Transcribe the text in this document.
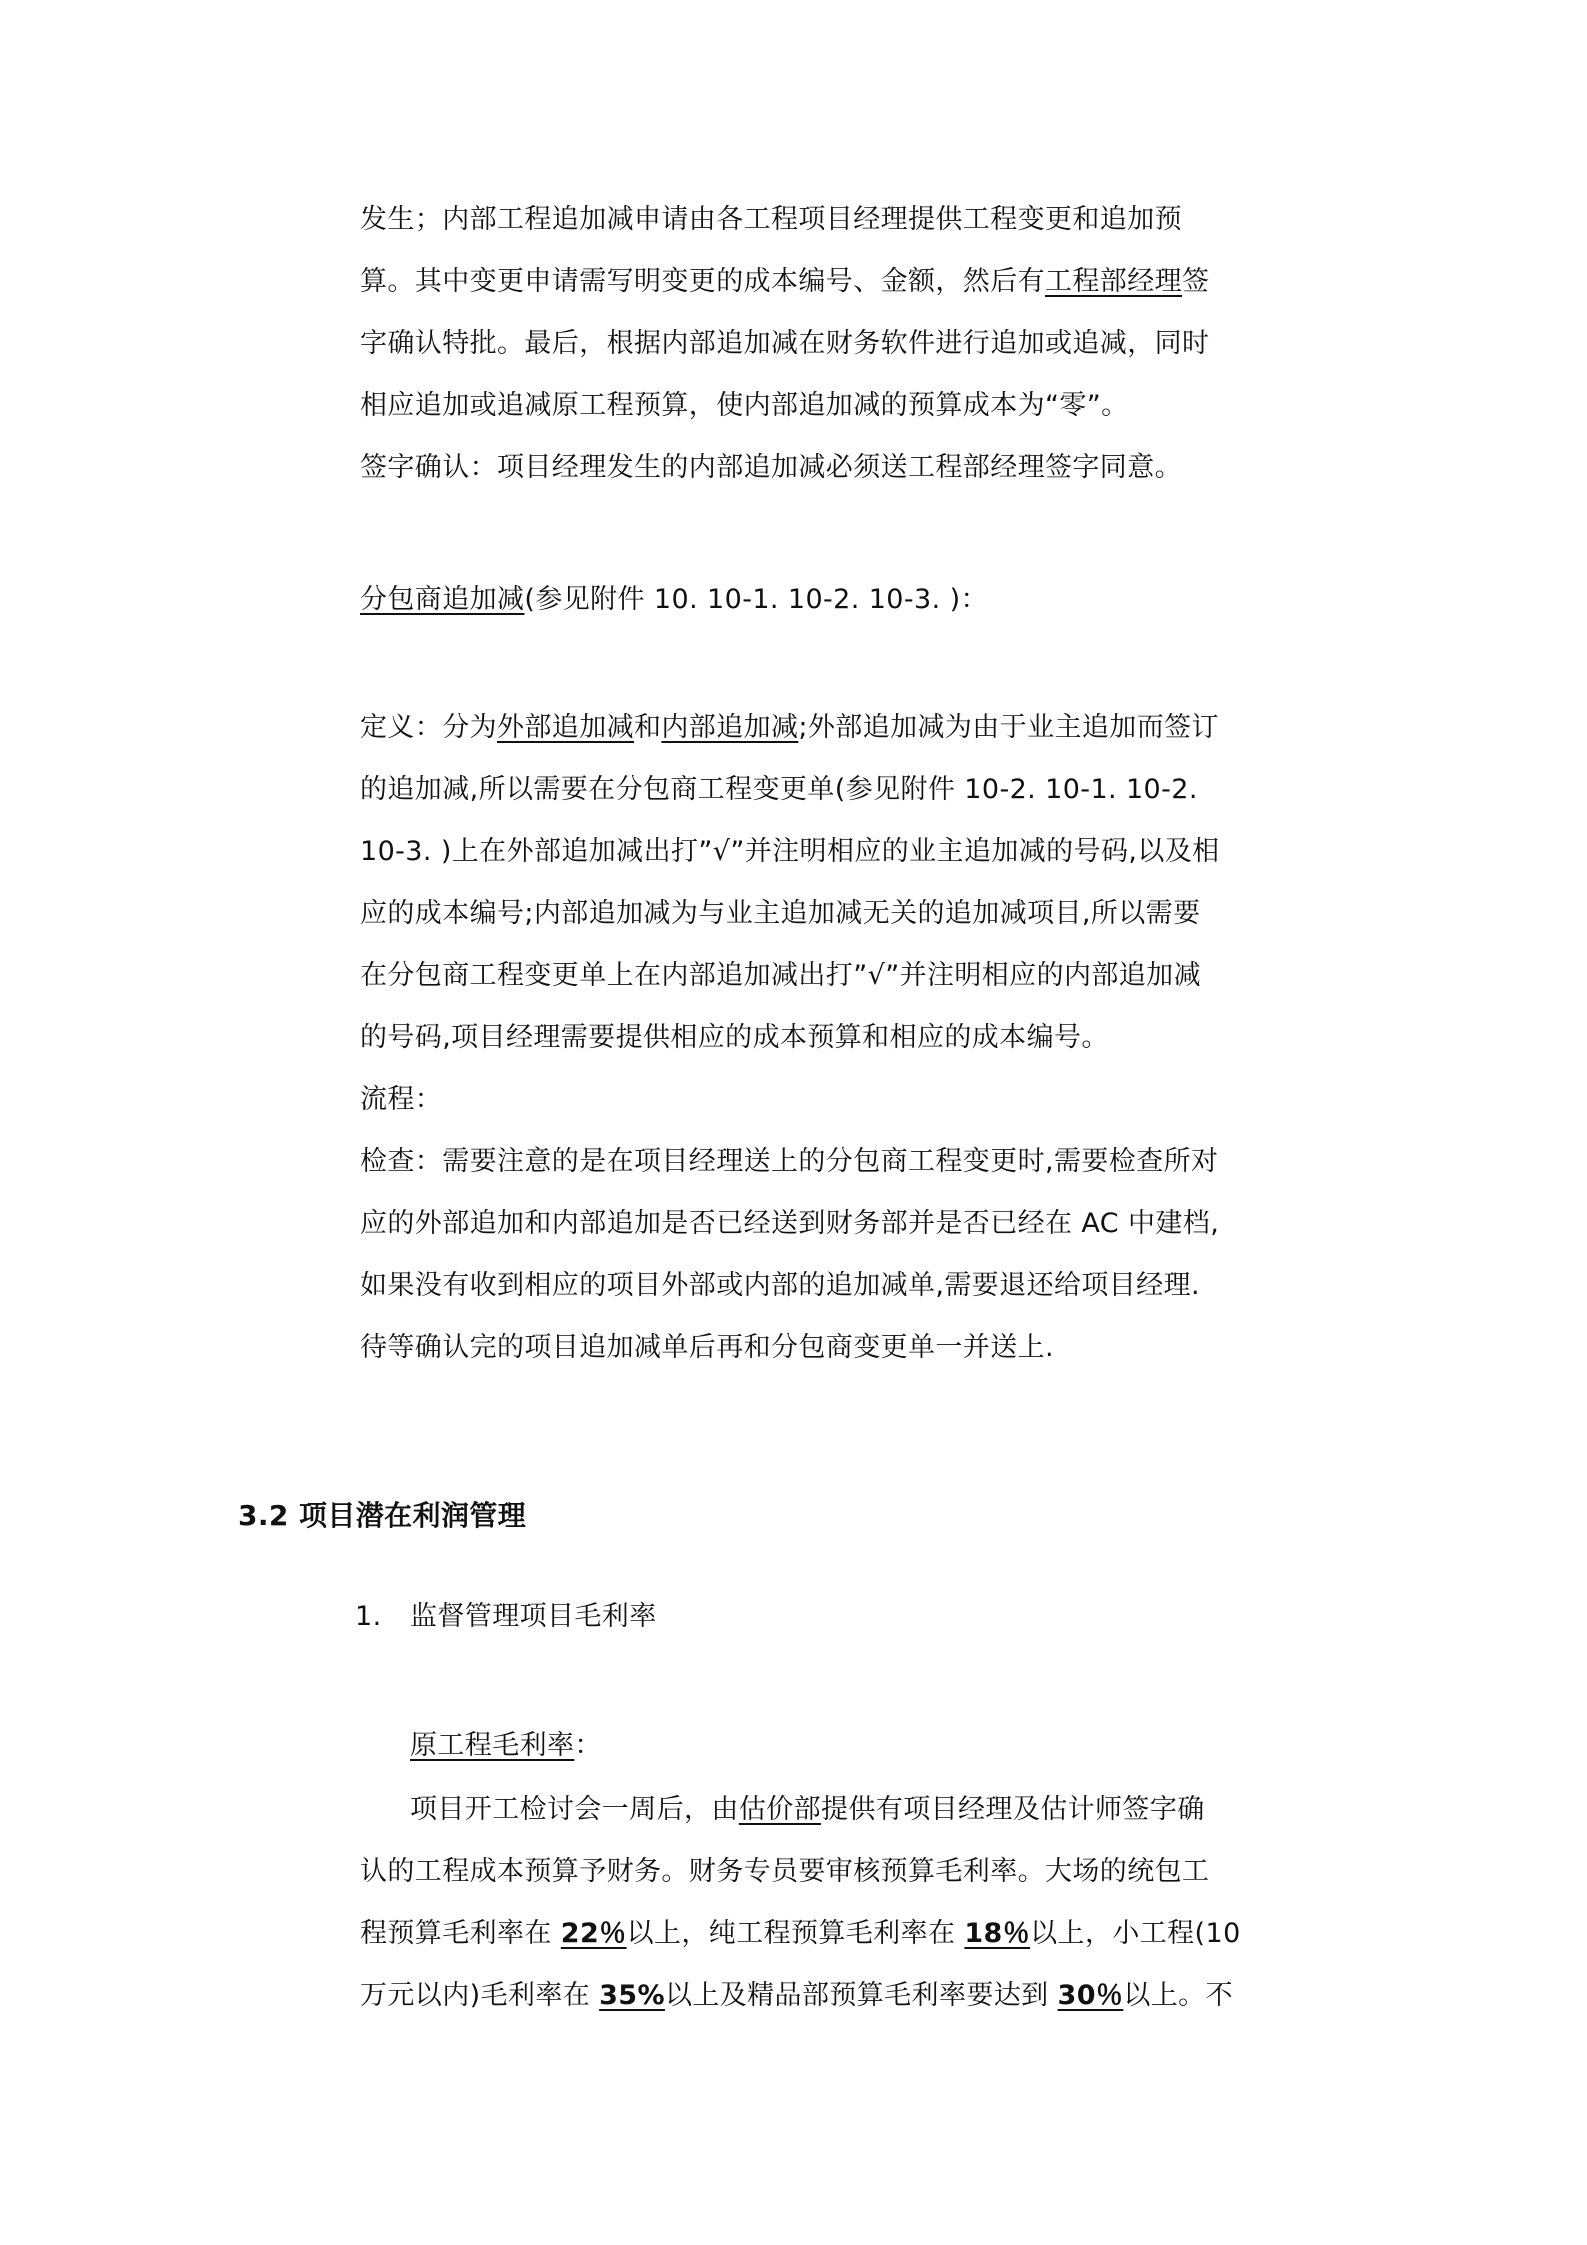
发生；内部工程追加减申请由各工程项目经理提供工程变更和追加预
算。其中变更申请需写明变更的成本编号、金额，然后有工程部经理签
字确认特批。最后，根据内部追加减在财务软件进行追加或追减，同时
相应追加或追减原工程预算，使内部追加减的预算成本为“零”。
签字确认：项目经理发生的内部追加减必须送工程部经理签字同意。
分包商追加减(参见附件 10. 10-1. 10-2. 10-3. )：
定义：分为外部追加减和内部追加减;外部追加减为由于业主追加而签订
的追加减,所以需要在分包商工程变更单(参见附件 10-2. 10-1. 10-2.
10-3. )上在外部追加减出打”√”并注明相应的业主追加减的号码,以及相
应的成本编号;内部追加减为与业主追加减无关的追加减项目,所以需要
在分包商工程变更单上在内部追加减出打”√”并注明相应的内部追加减
的号码,项目经理需要提供相应的成本预算和相应的成本编号。
流程：
检查：需要注意的是在项目经理送上的分包商工程变更时,需要检查所对
应的外部追加和内部追加是否已经送到财务部并是否已经在 AC 中建档,
如果没有收到相应的项目外部或内部的追加减单,需要退还给项目经理.
待等确认完的项目追加减单后再和分包商变更单一并送上.
3.2 项目潜在利润管理
1. 监督管理项目毛利率
原工程毛利率：
项目开工检讨会一周后，由估价部提供有项目经理及估计师签字确
认的工程成本预算予财务。财务专员要审核预算毛利率。大场的统包工
程预算毛利率在 22％以上，纯工程预算毛利率在 18％以上，小工程(10
万元以内)毛利率在 35%以上及精品部预算毛利率要达到 30％以上。不
